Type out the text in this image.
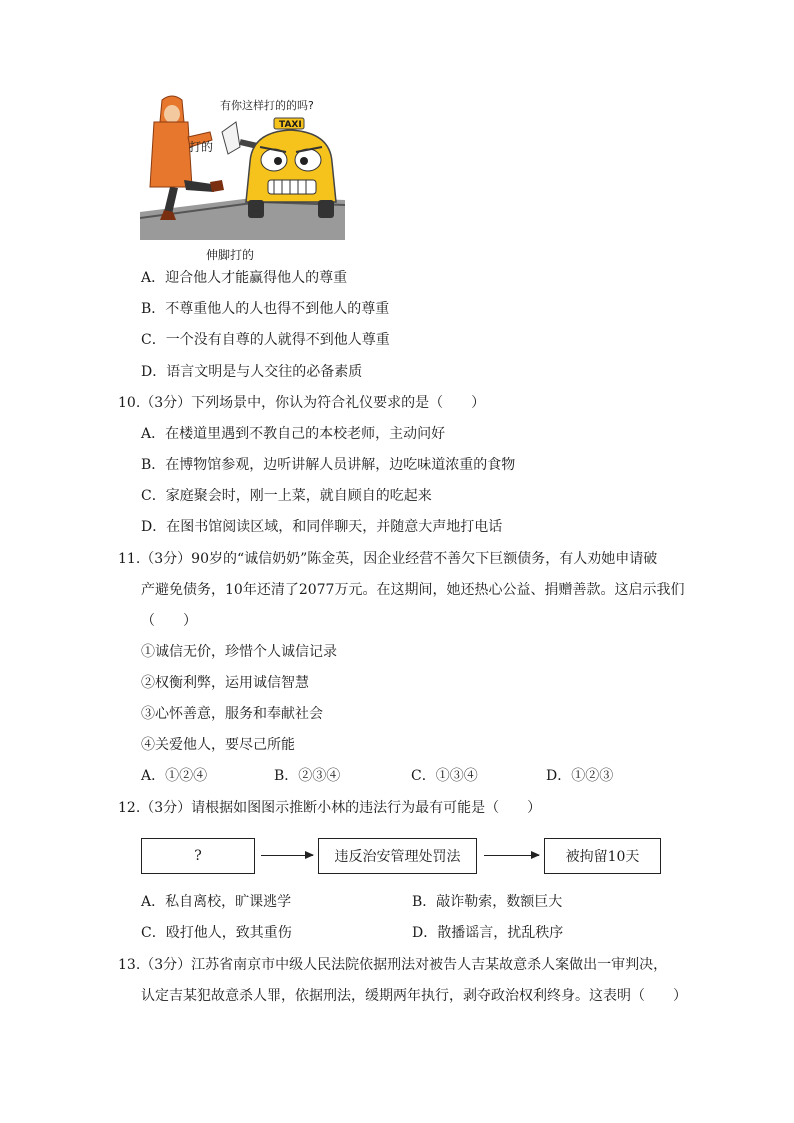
有你这样打的的吗?
打的
TAXI
伸脚打的
A．迎合他人才能赢得他人的尊重
B．不尊重他人的人也得不到他人的尊重
C．一个没有自尊的人就得不到他人尊重
D．语言文明是与人交往的必备素质
10.（3分）下列场景中，你认为符合礼仪要求的是（　　）
A．在楼道里遇到不教自己的本校老师，主动问好
B．在博物馆参观，边听讲解人员讲解，边吃味道浓重的食物
C．家庭聚会时，刚一上菜，就自顾自的吃起来
D．在图书馆阅读区域，和同伴聊天，并随意大声地打电话
11.（3分）90岁的“诚信奶奶”陈金英，因企业经营不善欠下巨额债务，有人劝她申请破
产避免债务，10年还清了2077万元。在这期间，她还热心公益、捐赠善款。这启示我们
（　　）
①诚信无价，珍惜个人诚信记录
②权衡利弊，运用诚信智慧
③心怀善意，服务和奉献社会
④关爱他人，要尽己所能
A．①②④	B．②③④	C．①③④	D．①②③
12.（3分）请根据如图图示推断小林的违法行为最有可能是（　　）
?	违反治安管理处罚法	被拘留10天
A．私自离校，旷课逃学	B．敲诈勒索，数额巨大
C．殴打他人，致其重伤	D．散播谣言，扰乱秩序
13.（3分）江苏省南京市中级人民法院依据刑法对被告人吉某故意杀人案做出一审判决，
认定吉某犯故意杀人罪，依据刑法，缓期两年执行，剥夺政治权利终身。这表明（　　）
